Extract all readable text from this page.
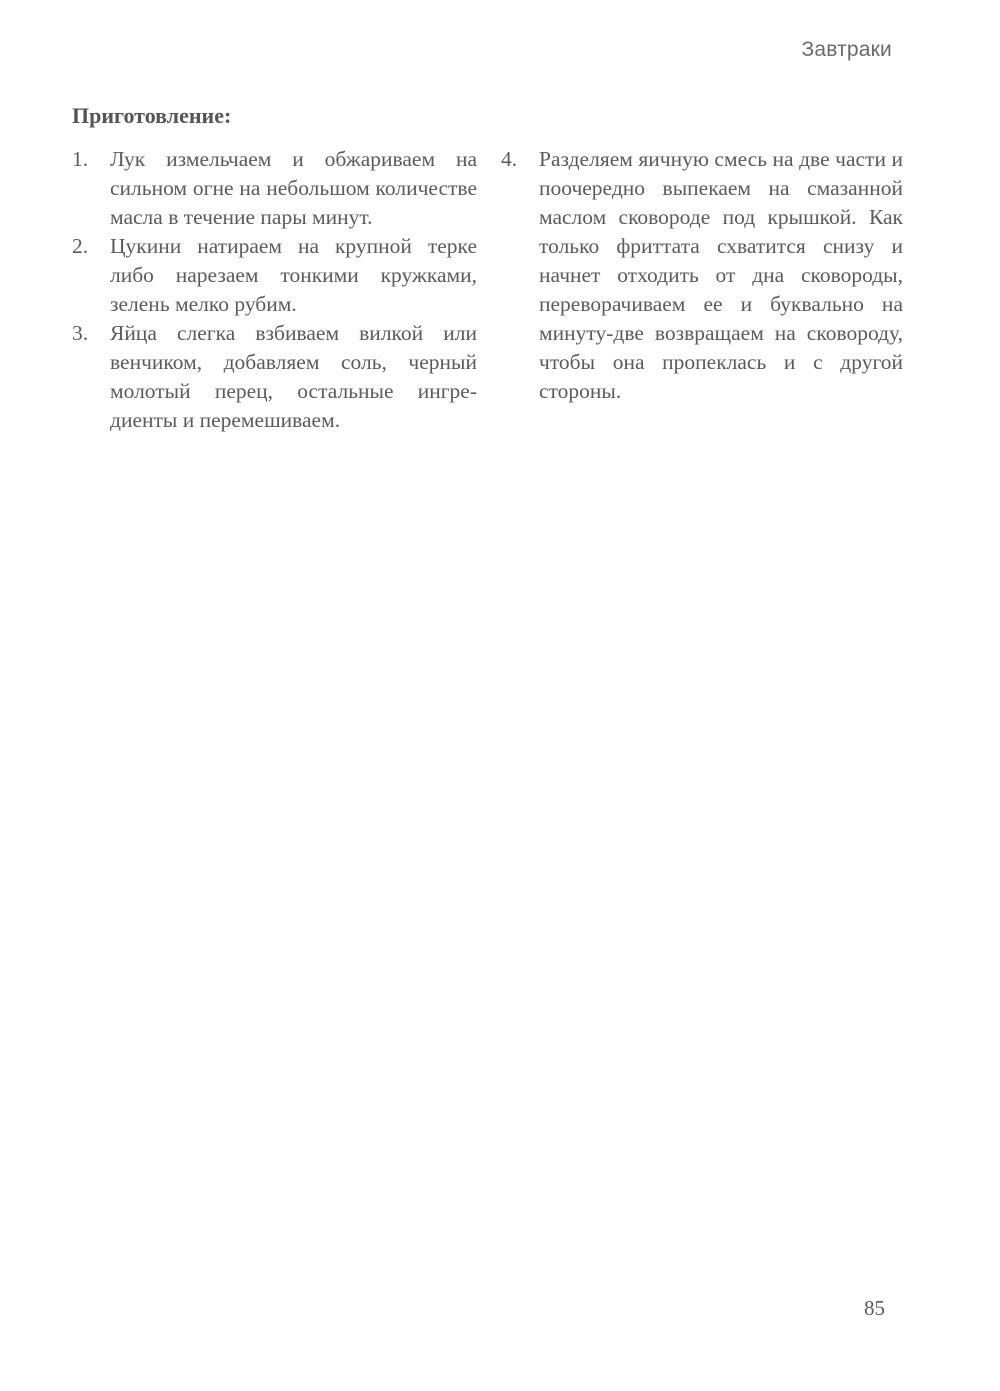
Завтраки
Приготовление:
1.	Лук измельчаем и обжариваем на сильном огне на небольшом количестве масла в течение пары минут.
2.	Цукини натираем на крупной терке либо нарезаем тонкими кружками, зелень мелко рубим.
3.	Яйца слегка взбиваем вилкой или венчиком, добавляем соль, черный молотый перец, остальные ингредиенты и перемешиваем.
4.	Разделяем яичную смесь на две части и поочередно выпекаем на смазанной маслом сковороде под крышкой. Как только фриттата схватится снизу и начнет отходить от дна сковороды, переворачиваем ее и буквально на минуту-две возвращаем на сковороду, чтобы она пропеклась и с другой стороны.
85
